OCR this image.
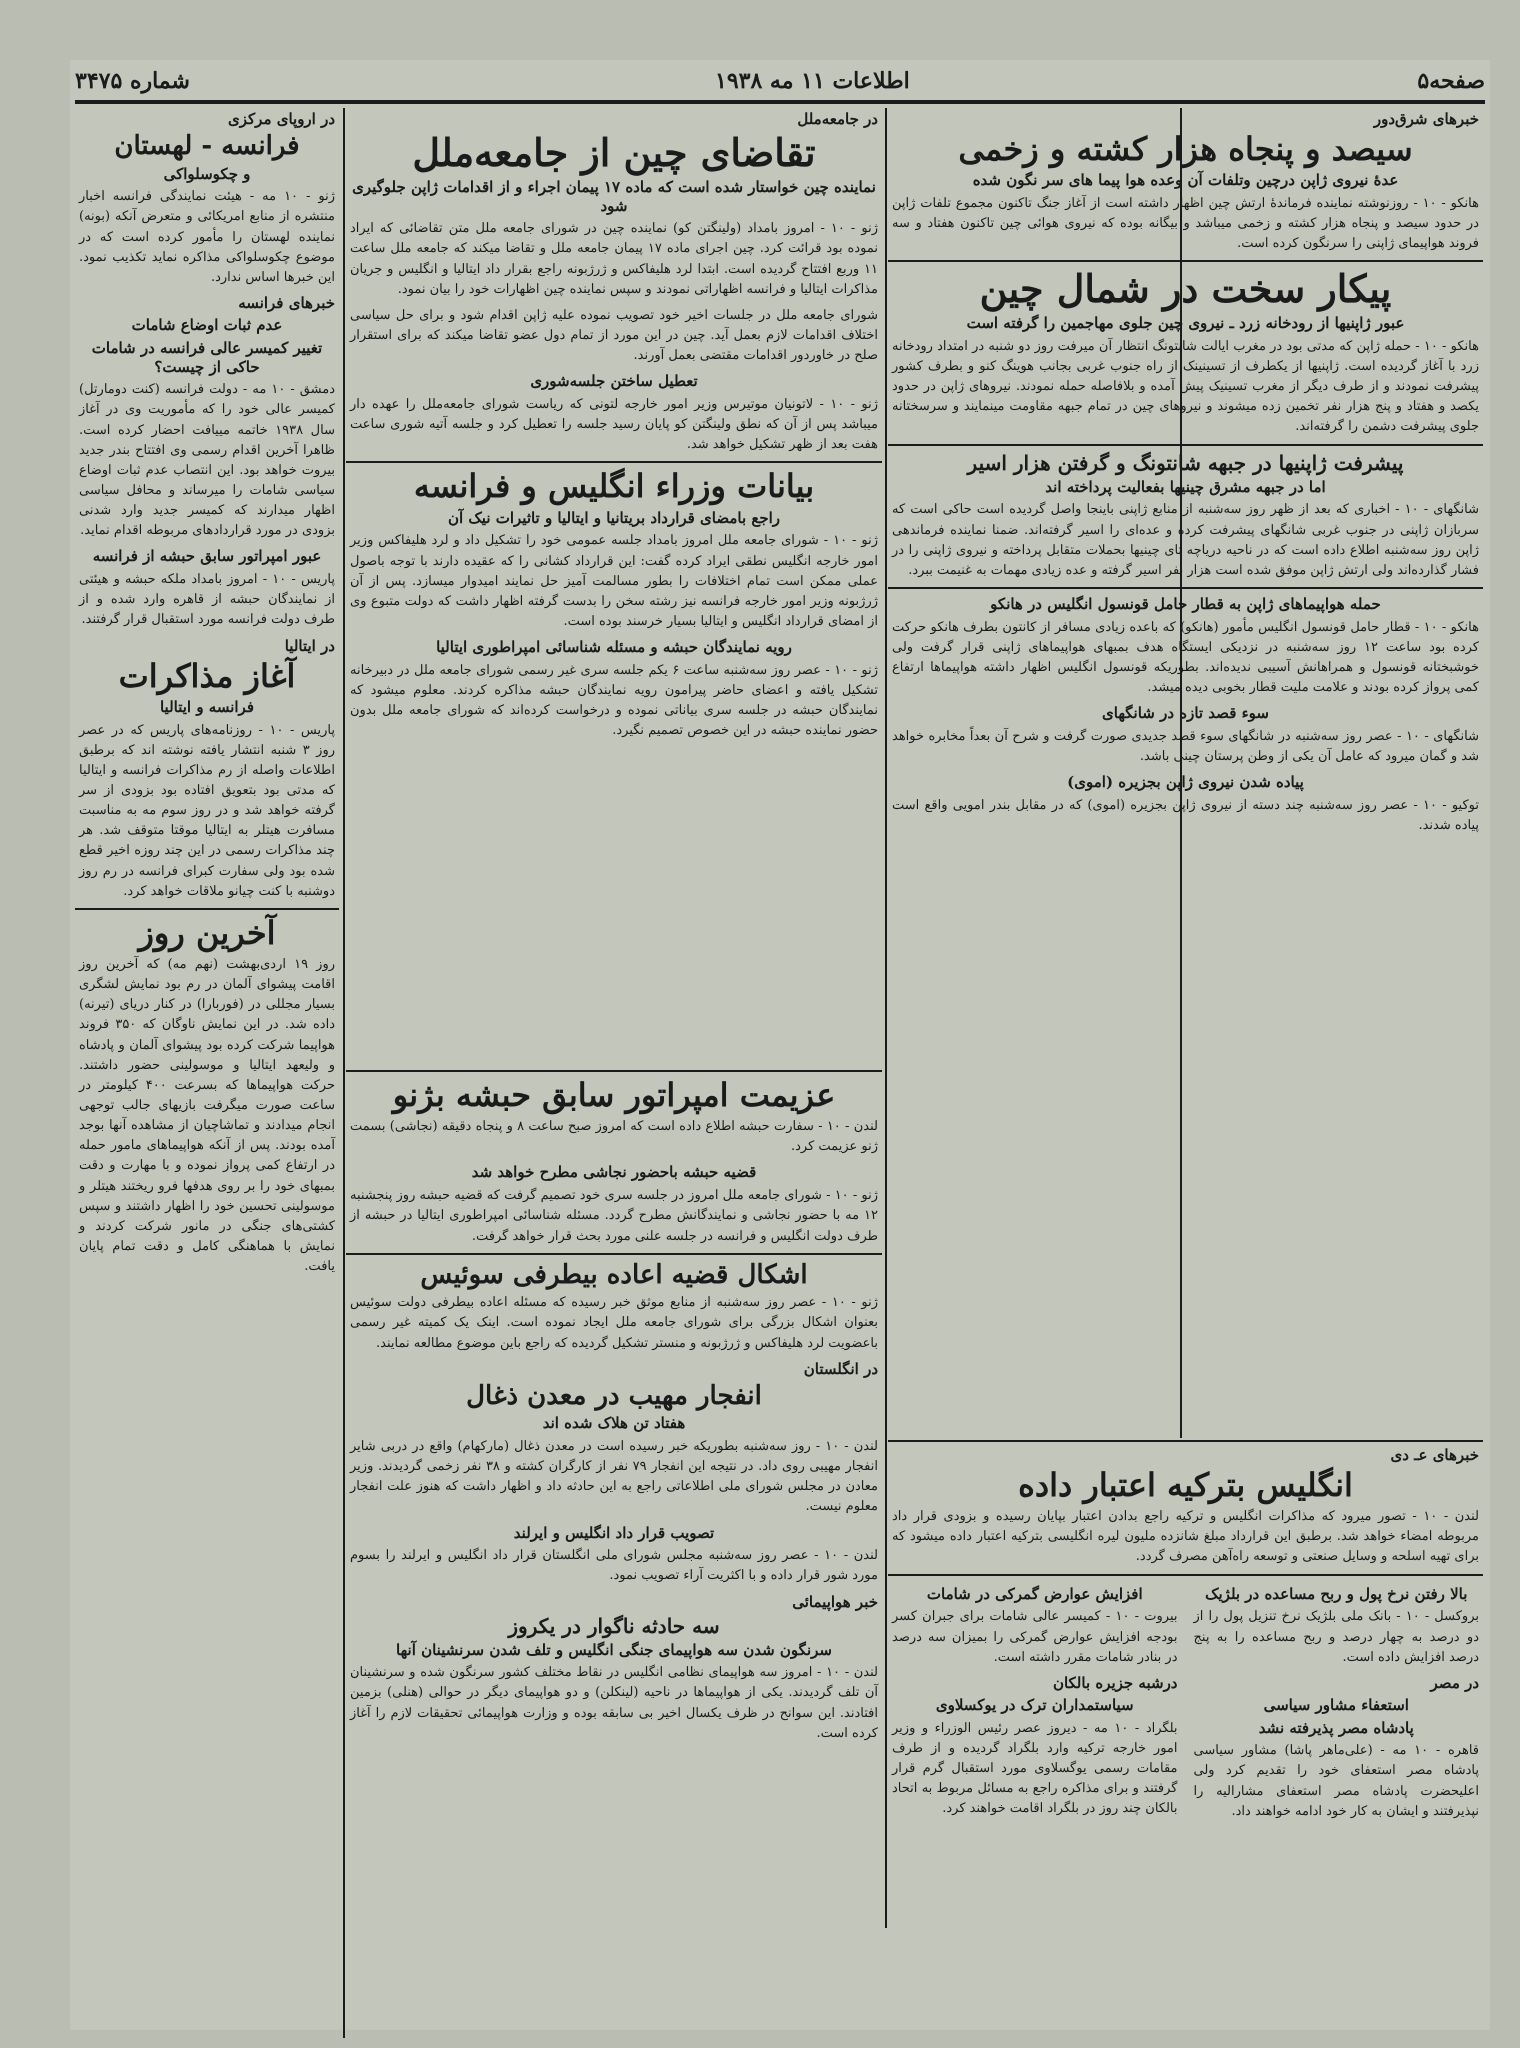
صفحه۵
اطلاعات ۱۱ مه ۱۹۳۸
۳۴۷۵ شماره
خبرهای شرق‌دور
سیصد و پنجاه هزار کشته و زخمی
عدهٔ نیروی ژاپن درچین وتلفات آن وعده هوا پیما های سر نگون شده
هانکو - ۱۰ - روزنوشته نماینده فرماندهٔ ارتش چین اظهار داشته است از آغاز جنگ تاکنون مجموع تلفات ژاپن در حدود سیصد و پنجاه هزار کشته و زخمی میباشد و بیگانه بوده که نیروی هوائی چین تاکنون هفتاد و سه فروند هواپیمای ژاپنی را سرنگون کرده است.
پیکار سخت در شمال چین
عبور ژاپنیها از رودخانه زرد ـ نیروی چین جلوی مهاجمین را گرفته است
هانکو - ۱۰ - حمله ژاپن که مدتی بود در مغرب ایالت شانتونگ انتظار آن میرفت روز دو شنبه در امتداد رودخانه زرد با آغاز گردیده است. ژاپنیها از یکطرف از تسینینک از راه جنوب غربی بجانب هوینگ کنو و بطرف کشور پیشرفت نمودند و از طرف دیگر از مغرب تسینیک پیش آمده و بلافاصله حمله نمودند. نیروهای ژاپن در حدود یکصد و هفتاد و پنج هزار نفر تخمین زده میشوند و نیروهای چین در تمام جبهه مقاومت مینمایند و سرسختانه جلوی پیشرفت دشمن را گرفته‌اند.
پیشرفت ژاپنیها در جبهه شانتونگ و گرفتن هزار اسیر
اما در جبهه مشرق چینیها بفعالیت پرداخته اند
شانگهای - ۱۰ - اخباری که بعد از ظهر روز سه‌شنبه از منابع ژاپنی باینجا واصل گردیده است حاکی است که سربازان ژاپنی در جنوب غربی شانگهای پیشرفت کرده و عده‌ای را اسیر گرفته‌اند. ضمنا نماینده فرماندهی ژاپن روز سه‌شنبه اطلاع داده است که در ناحیه دریاچه تای چینیها بحملات متقابل پرداخته و نیروی ژاپنی را در فشار گذارده‌اند ولی ارتش ژاپن موفق شده است هزار نفر اسیر گرفته و عده زیادی مهمات به غنیمت ببرد.
حمله هواپیماهای ژاپن به قطار حامل قونسول انگلیس در هانکو
هانکو - ۱۰ - قطار حامل قونسول انگلیس مأمور (هانکو) که باعده زیادی مسافر از کانتون بطرف هانکو حرکت کرده بود ساعت ۱۲ روز سه‌شنبه در نزدیکی ایستگاه هدف بمبهای هواپیماهای ژاپنی قرار گرفت ولی خوشبختانه قونسول و همراهانش آسیبی ندیده‌اند. بطوریکه قونسول انگلیس اظهار داشته هواپیماها ارتفاع کمی پرواز کرده بودند و علامت ملیت قطار بخوبی دیده میشد.
سوء قصد تازه در شانگهای
شانگهای - ۱۰ - عصر روز سه‌شنبه در شانگهای سوء قصد جدیدی صورت گرفت و شرح آن بعداً مخابره خواهد شد و گمان میرود که عامل آن یکی از وطن پرستان چینی باشد.
پیاده شدن نیروی ژاپن بجزیره (اموی)
توکیو - ۱۰ - عصر روز سه‌شنبه چند دسته از نیروی ژاپن بجزیره (اموی) که در مقابل بندر امویی واقع است پیاده شدند.
در جامعه‌ملل
تقاضای چین از جامعه‌ملل
نماینده چین خواستار شده است که ماده ۱۷ پیمان اجراء و از اقدامات ژاپن جلوگیری شود
ژنو - ۱۰ - امروز بامداد (ولینگتن کو) نماینده چین در شورای جامعه ملل متن تقاضائی که ایراد نموده بود قرائت کرد. چین اجرای ماده ۱۷ پیمان جامعه ملل و تقاضا میکند که جامعه ملل ساعت ۱۱ وربع افتتاح گردیده است. ابتدا لرد هلیفاکس و ژرژبونه راجع بقرار داد ایتالیا و انگلیس و جریان مذاکرات ایتالیا و فرانسه اظهاراتی نمودند و سپس نماینده چین اظهارات خود را بیان نمود.
شورای جامعه ملل در جلسات اخیر خود تصویب نموده علیه ژاپن اقدام شود و برای حل سیاسی اختلاف اقدامات لازم بعمل آید. چین در این مورد از تمام دول عضو تقاضا میکند که برای استقرار صلح در خاوردور اقدامات مقتضی بعمل آورند.
تعطیل ساختن جلسه‌شوری
ژنو - ۱۰ - لاتونیان موتیرس وزیر امور خارجه لتونی که ریاست شورای جامعه‌ملل را عهده دار میباشد پس از آن که نطق ولینگتن کو پایان رسید جلسه را تعطیل کرد و جلسه آتیه شوری ساعت هفت بعد از ظهر تشکیل خواهد شد.
بیانات وزراء انگلیس و فرانسه
راجع بامضای قرارداد بریتانیا و ایتالیا و تاثیرات نیک آن
ژنو - ۱۰ - شورای جامعه ملل امروز بامداد جلسه عمومی خود را تشکیل داد و لرد هلیفاکس وزیر امور خارجه انگلیس نطقی ایراد کرده گفت: این قرارداد کشانی را که عقیده دارند با توجه باصول عملی ممکن است تمام اختلافات را بطور مسالمت آمیز حل نمایند امیدوار میسازد. پس از آن ژرژبونه وزیر امور خارجه فرانسه نیز رشته سخن را بدست گرفته اظهار داشت که دولت متبوع وی از امضای قرارداد انگلیس و ایتالیا بسیار خرسند بوده است.
رویه نمایندگان حبشه و مسئله شناسائی امپراطوری ایتالیا
ژنو - ۱۰ - عصر روز سه‌شنبه ساعت ۶ یکم جلسه سری غیر رسمی شورای جامعه ملل در دبیرخانه تشکیل یافته و اعضای حاضر پیرامون رویه نمایندگان حبشه مذاکره کردند. معلوم میشود که نمایندگان حبشه در جلسه سری بیاناتی نموده و درخواست کرده‌اند که شورای جامعه ملل بدون حضور نماینده حبشه در این خصوص تصمیم نگیرد.
در اروپای مرکزی
فرانسه - لهستان
و چکوسلواکی
ژنو - ۱۰ مه - هیئت نمایندگی فرانسه اخبار منتشره از منابع امریکائی و متعرض آنکه (بونه) نماینده لهستان را مأمور کرده است که در موضوع چکوسلواکی مذاکره نماید تکذیب نمود. این خبرها اساس ندارد.
خبرهای فرانسه
عدم ثبات اوضاع شامات
تغییر کمیسر عالی فرانسه در شامات حاکی از چیست؟
دمشق - ۱۰ مه - دولت فرانسه (کنت دومارتل) کمیسر عالی خود را که مأموریت وی در آغاز سال ۱۹۳۸ خاتمه مییافت احضار کرده است. ظاهرا آخرین اقدام رسمی وی افتتاح بندر جدید بیروت خواهد بود. این انتصاب عدم ثبات اوضاع سیاسی شامات را میرساند و محافل سیاسی اظهار میدارند که کمیسر جدید وارد شدنی بزودی در مورد قراردادهای مربوطه اقدام نماید.
عبور امپراتور سابق حبشه از فرانسه
پاریس - ۱۰ - امروز بامداد ملکه حبشه و هیئتی از نمایندگان حبشه از قاهره وارد شده و از طرف دولت فرانسه مورد استقبال قرار گرفتند.
در ایتالیا
آغاز مذاکرات
فرانسه و ایتالیا
پاریس - ۱۰ - روزنامه‌های پاریس که در عصر روز ۳ شنبه انتشار یافته نوشته اند که برطبق اطلاعات واصله از رم مذاکرات فرانسه و ایتالیا که مدتی بود بتعویق افتاده بود بزودی از سر گرفته خواهد شد و در روز سوم مه به مناسبت مسافرت هیتلر به ایتالیا موقتا متوقف شد. هر چند مذاکرات رسمی در این چند روزه اخیر قطع شده بود ولی سفارت کبرای فرانسه در رم روز دوشنبه با کنت چیانو ملاقات خواهد کرد.
آخرین روز
روز ۱۹ اردی‌بهشت (نهم مه) که آخرین روز اقامت پیشوای آلمان در رم بود نمایش لشگری بسیار مجللی در (فوربارا) در کنار دریای (تیرنه) داده شد. در این نمایش ناوگان که ۳۵۰ فروند هواپیما شرکت کرده بود پیشوای آلمان و پادشاه و ولیعهد ایتالیا و موسولینی حضور داشتند. حرکت هواپیماها که بسرعت ۴۰۰ کیلومتر در ساعت صورت میگرفت بازیهای جالب توجهی انجام میدادند و تماشاچیان از مشاهده آنها بوجد آمده بودند. پس از آنکه هواپیماهای مامور حمله در ارتفاع کمی پرواز نموده و با مهارت و دقت بمبهای خود را بر روی هدفها فرو ریختند هیتلر و موسولینی تحسین خود را اظهار داشتند و سپس کشتی‌های جنگی در مانور شرکت کردند و نمایش با هماهنگی کامل و دقت تمام پایان یافت.
عزیمت امپراتور سابق حبشه بژنو
لندن - ۱۰ - سفارت حبشه اطلاع داده است که امروز صبح ساعت ۸ و پنجاه دقیقه (نجاشی) بسمت ژنو عزیمت کرد.
قضیه حبشه باحضور نجاشی مطرح خواهد شد
ژنو - ۱۰ - شورای جامعه ملل امروز در جلسه سری خود تصمیم گرفت که قضیه حبشه روز پنجشنبه ۱۲ مه با حضور نجاشی و نمایندگانش مطرح گردد. مسئله شناسائی امپراطوری ایتالیا در حبشه از طرف دولت انگلیس و فرانسه در جلسه علنی مورد بحث قرار خواهد گرفت.
اشکال قضیه اعاده بیطرفی سوئیس
ژنو - ۱۰ - عصر روز سه‌شنبه از منابع موثق خبر رسیده که مسئله اعاده بیطرفی دولت سوئیس بعنوان اشکال بزرگی برای شورای جامعه ملل ایجاد نموده است. اینک یک کمیته غیر رسمی باعضویت لرد هلیفاکس و ژرژبونه و منستر تشکیل گردیده که راجع باین موضوع مطالعه نمایند.
در انگلستان
انفجار مهیب در معدن ذغال
هفتاد تن هلاک شده اند
لندن - ۱۰ - روز سه‌شنبه بطوریکه خبر رسیده است در معدن ذغال (مارکهام) واقع در دربی شایر انفجار مهیبی روی داد. در نتیجه این انفجار ۷۹ نفر از کارگران کشته و ۳۸ نفر زخمی گردیدند. وزیر معادن در مجلس شورای ملی اطلاعاتی راجع به این حادثه داد و اظهار داشت که هنوز علت انفجار معلوم نیست.
تصویب قرار داد انگلیس و ایرلند
لندن - ۱۰ - عصر روز سه‌شنبه مجلس شورای ملی انگلستان قرار داد انگلیس و ایرلند را بسوم مورد شور قرار داده و با اکثریت آراء تصویب نمود.
خبر هواپیمائی
سه حادثه ناگوار در یکروز
سرنگون شدن سه هواپیمای جنگی انگلیس و تلف شدن سرنشینان آنها
لندن - ۱۰ - امروز سه هواپیمای نظامی انگلیس در نقاط مختلف کشور سرنگون شده و سرنشینان آن تلف گردیدند. یکی از هواپیماها در ناحیه (لینکلن) و دو هواپیمای دیگر در حوالی (هنلی) بزمین افتادند. این سوانح در ظرف یکسال اخیر بی سابقه بوده و وزارت هواپیمائی تحقیقات لازم را آغاز کرده است.
خبرهای عـ دی
انگلیس بترکیه اعتبار داده
لندن - ۱۰ - تصور میرود که مذاکرات انگلیس و ترکیه راجع بدادن اعتبار بپایان رسیده و بزودی قرار داد مربوطه امضاء خواهد شد. برطبق این قرارداد مبلغ شانزده ملیون لیره انگلیسی بترکیه اعتبار داده میشود که برای تهیه اسلحه و وسایل صنعتی و توسعه راه‌آهن مصرف گردد.
بالا رفتن نرخ پول و ربح مساعده در بلژیک
بروکسل - ۱۰ - بانک ملی بلژیک نرخ تنزیل پول را از دو درصد به چهار درصد و ربح مساعده را به پنج درصد افزایش داده است.
در مصر
استعفاء مشاور سیاسی
پادشاه مصر پذیرفته نشد
قاهره - ۱۰ مه - (علی‌ماهر پاشا) مشاور سیاسی پادشاه مصر استعفای خود را تقدیم کرد ولی اعلیحضرت پادشاه مصر استعفای مشارالیه را نپذیرفتند و ایشان به کار خود ادامه خواهند داد.
افزایش عوارض گمرکی در شامات
بیروت - ۱۰ - کمیسر عالی شامات برای جبران کسر بودجه افزایش عوارض گمرکی را بمیزان سه درصد در بنادر شامات مقرر داشته است.
درشبه جزیره بالکان
سیاستمداران ترک در یوکسلاوی
بلگراد - ۱۰ مه - دیروز عصر رئیس الوزراء و وزیر امور خارجه ترکیه وارد بلگراد گردیده و از طرف مقامات رسمی یوگسلاوی مورد استقبال گرم قرار گرفتند و برای مذاکره راجع به مسائل مربوط به اتحاد بالکان چند روز در بلگراد اقامت خواهند کرد.
